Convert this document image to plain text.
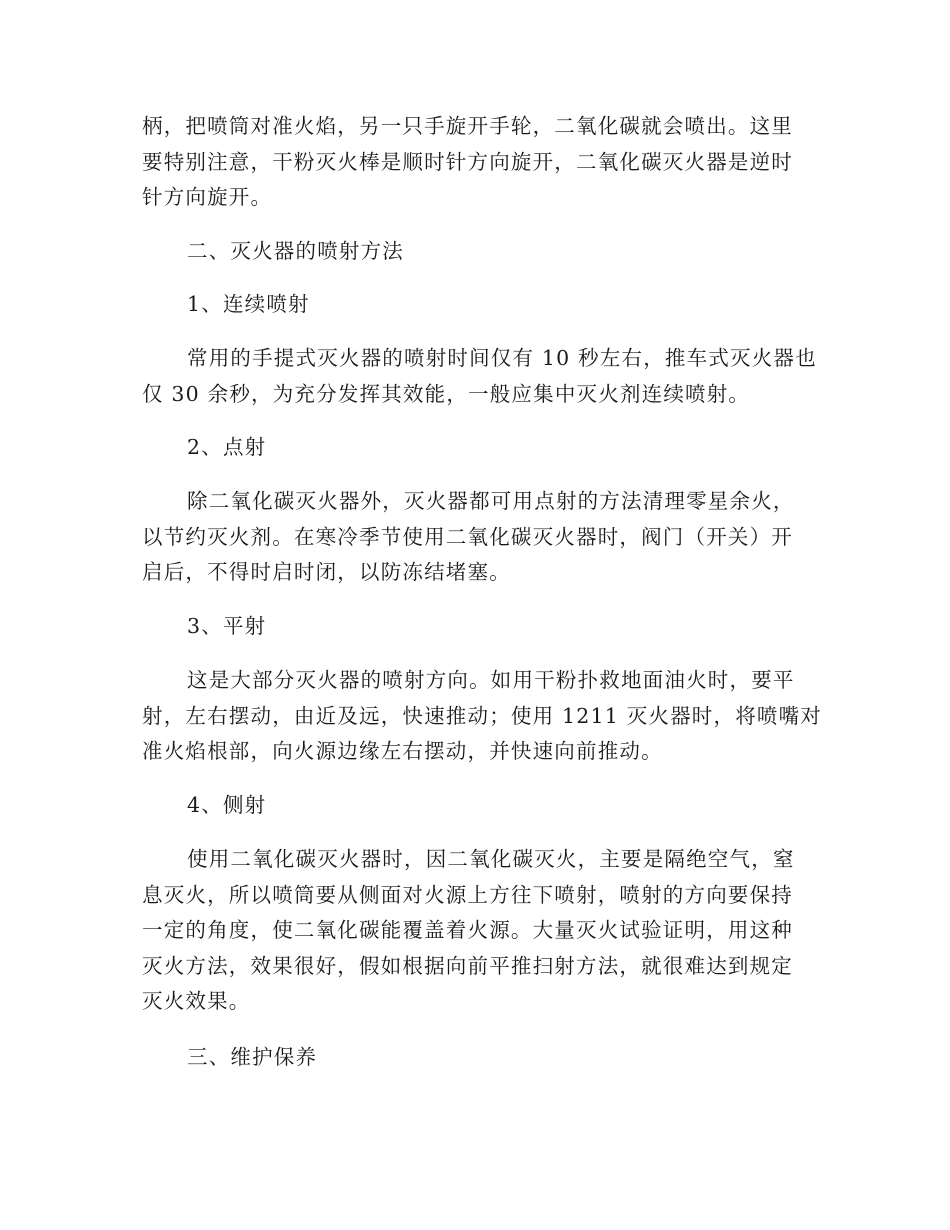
柄，把喷筒对准火焰，另一只手旋开手轮，二氧化碳就会喷出。这里
要特别注意，干粉灭火棒是顺时针方向旋开，二氧化碳灭火器是逆时
针方向旋开。
二、灭火器的喷射方法
1、连续喷射
常用的手提式灭火器的喷射时间仅有 10 秒左右，推车式灭火器也
仅 30 余秒，为充分发挥其效能，一般应集中灭火剂连续喷射。
2、点射
除二氧化碳灭火器外，灭火器都可用点射的方法清理零星余火，
以节约灭火剂。在寒冷季节使用二氧化碳灭火器时，阀门（开关）开
启后，不得时启时闭，以防冻结堵塞。
3、平射
这是大部分灭火器的喷射方向。如用干粉扑救地面油火时，要平
射，左右摆动，由近及远，快速推动；使用 1211 灭火器时，将喷嘴对
准火焰根部，向火源边缘左右摆动，并快速向前推动。
4、侧射
使用二氧化碳灭火器时，因二氧化碳灭火，主要是隔绝空气，窒
息灭火，所以喷筒要从侧面对火源上方往下喷射，喷射的方向要保持
一定的角度，使二氧化碳能覆盖着火源。大量灭火试验证明，用这种
灭火方法，效果很好，假如根据向前平推扫射方法，就很难达到规定
灭火效果。
三、维护保养
